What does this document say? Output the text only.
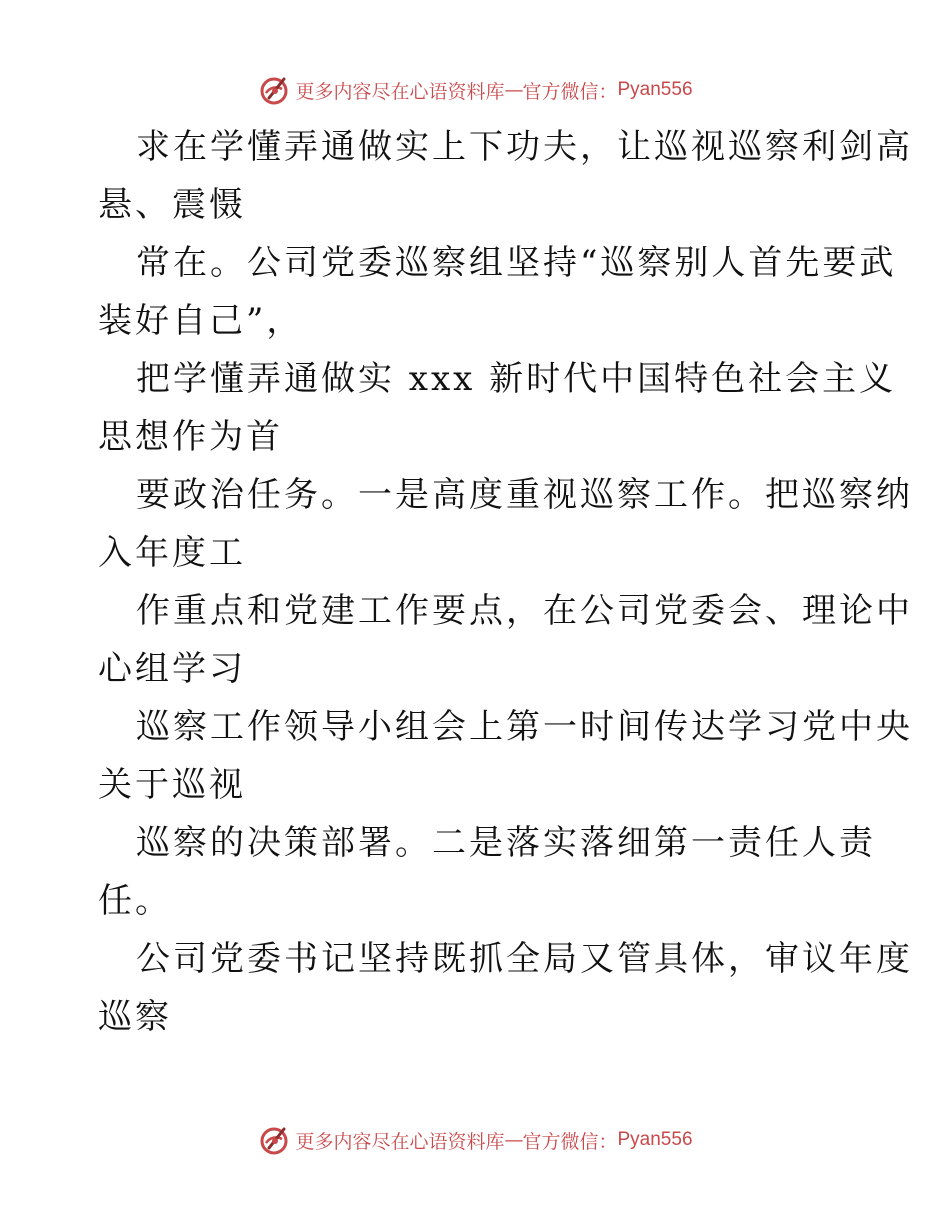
更多内容尽在心语资料库 — 官方微信： Pyan556
求在学懂弄通做实上下功夫，让巡视巡察利剑高
悬、震慑
常在。公司党委巡察组坚持“巡察别人首先要武
装好自己”，
把学懂弄通做实 xxx 新时代中国特色社会主义
思想作为首
要政治任务。一是高度重视巡察工作。把巡察纳
入年度工
作重点和党建工作要点，在公司党委会、理论中
心组学习
巡察工作领导小组会上第一时间传达学习党中央
关于巡视
巡察的决策部署。二是落实落细第一责任人责
任。
公司党委书记坚持既抓全局又管具体，审议年度
巡察
更多内容尽在心语资料库 — 官方微信： Pyan556
